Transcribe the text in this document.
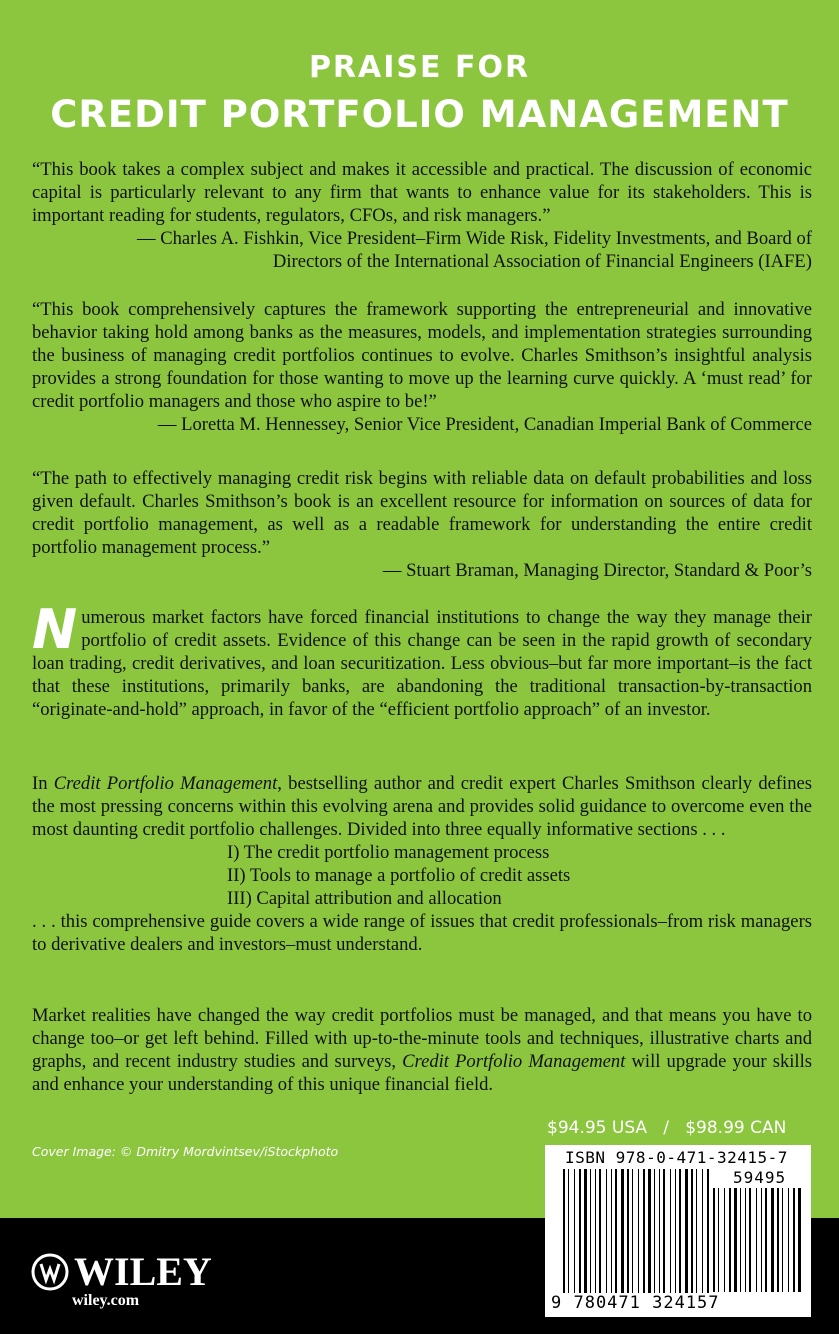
PRAISE FOR
CREDIT PORTFOLIO MANAGEMENT

“This book takes a complex subject and makes it accessible and practical. The discussion of economic capital is particularly relevant to any firm that wants to enhance value for its stakeholders. This is important reading for students, regulators, CFOs, and risk managers.”

— Charles A. Fishkin, Vice President–Firm Wide Risk, Fidelity Investments, and Board of
Directors of the International Association of Financial Engineers (IAFE)

“This book comprehensively captures the framework supporting the entrepreneurial and innovative behavior taking hold among banks as the measures, models, and implementation strategies surrounding the business of managing credit portfolios continues to evolve. Charles Smithson’s insightful analysis provides a strong foundation for those wanting to move up the learning curve quickly. A ‘must read’ for credit portfolio managers and those who aspire to be!”

— Loretta M. Hennessey, Senior Vice President, Canadian Imperial Bank of Commerce

“The path to effectively managing credit risk begins with reliable data on default probabilities and loss given default. Charles Smithson’s book is an excellent resource for information on sources of data for credit portfolio management, as well as a readable framework for understanding the entire credit portfolio management process.”

— Stuart Braman, Managing Director, Standard & Poor’s

Numerous market factors have forced financial institutions to change the way they manage their portfolio of credit assets. Evidence of this change can be seen in the rapid growth of secondary loan trading, credit derivatives, and loan securitization. Less obvious–but far more important–is the fact that these institutions, primarily banks, are abandoning the traditional transaction-by-transaction “originate-and-hold” approach, in favor of the “efficient portfolio approach” of an investor.

In Credit Portfolio Management, bestselling author and credit expert Charles Smithson clearly defines the most pressing concerns within this evolving arena and provides solid guidance to overcome even the most daunting credit portfolio challenges. Divided into three equally informative sections . . .

I) The credit portfolio management process
II) Tools to manage a portfolio of credit assets
III) Capital attribution and allocation

. . . this comprehensive guide covers a wide range of issues that credit professionals–from risk managers to derivative dealers and investors–must understand.

Market realities have changed the way credit portfolios must be managed, and that means you have to change too–or get left behind. Filled with up-to-the-minute tools and techniques, illustrative charts and graphs, and recent industry studies and surveys, Credit Portfolio Management will upgrade your skills and enhance your understanding of this unique financial field.

$94.95 USA   /   $98.99 CAN
Cover Image: © Dmitry Mordvintsev/iStockphoto
WILEY
wiley.com
ISBN 978-0-471-32415-7
59495
9 780471 324157
